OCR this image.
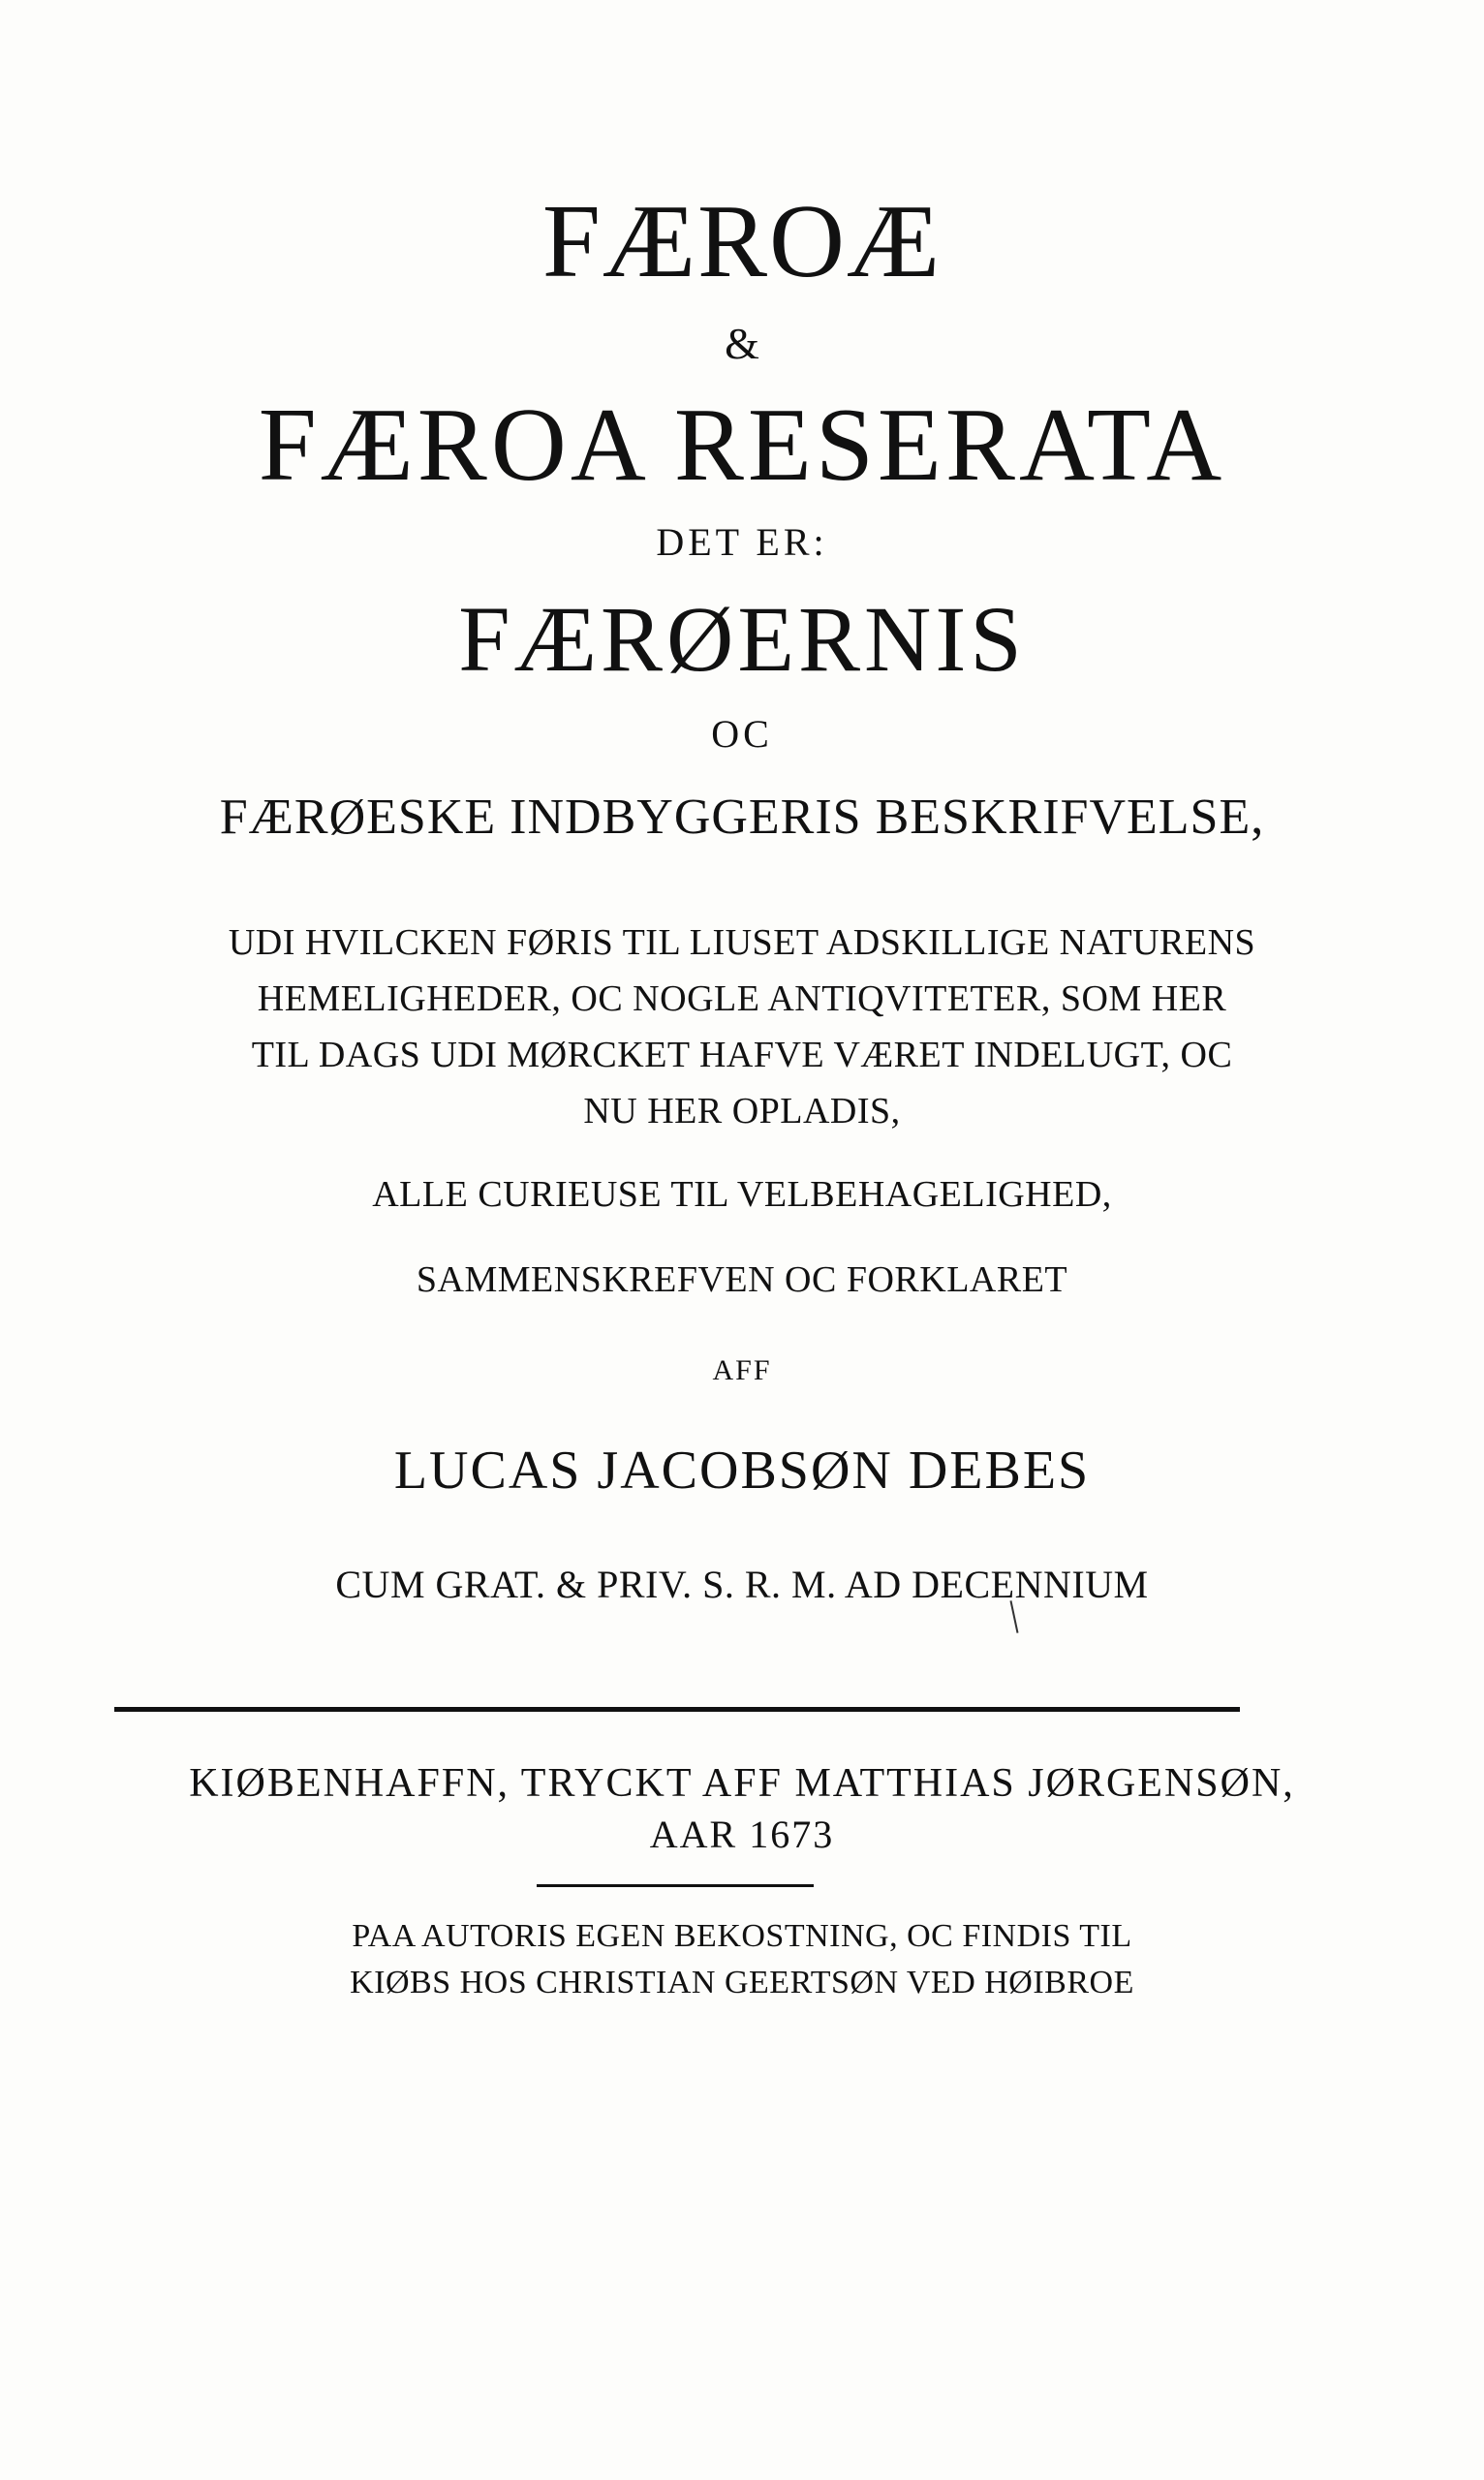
FÆROÆ
&
FÆROA RESERATA
DET ER:
FÆRØERNIS
OC
FÆRØESKE INDBYGGERIS BESKRIFVELSE,
UDI HVILCKEN FØRIS TIL LIUSET ADSKILLIGE NATURENS
HEMELIGHEDER, OC NOGLE ANTIQVITETER, SOM HER
TIL DAGS UDI MØRCKET HAFVE VÆRET INDELUGT, OC
NU HER OPLADIS,
ALLE CURIEUSE TIL VELBEHAGELIGHED,
SAMMENSKREFVEN OC FORKLARET
AFF
LUCAS JACOBSØN DEBES
CUM GRAT. & PRIV. S. R. M. AD DECENNIUM
KIØBENHAFFN, TRYCKT AFF MATTHIAS JØRGENSØN,
AAR 1673
PAA AUTORIS EGEN BEKOSTNING, OC FINDIS TIL
KIØBS HOS CHRISTIAN GEERTSØN VED HØIBROE
